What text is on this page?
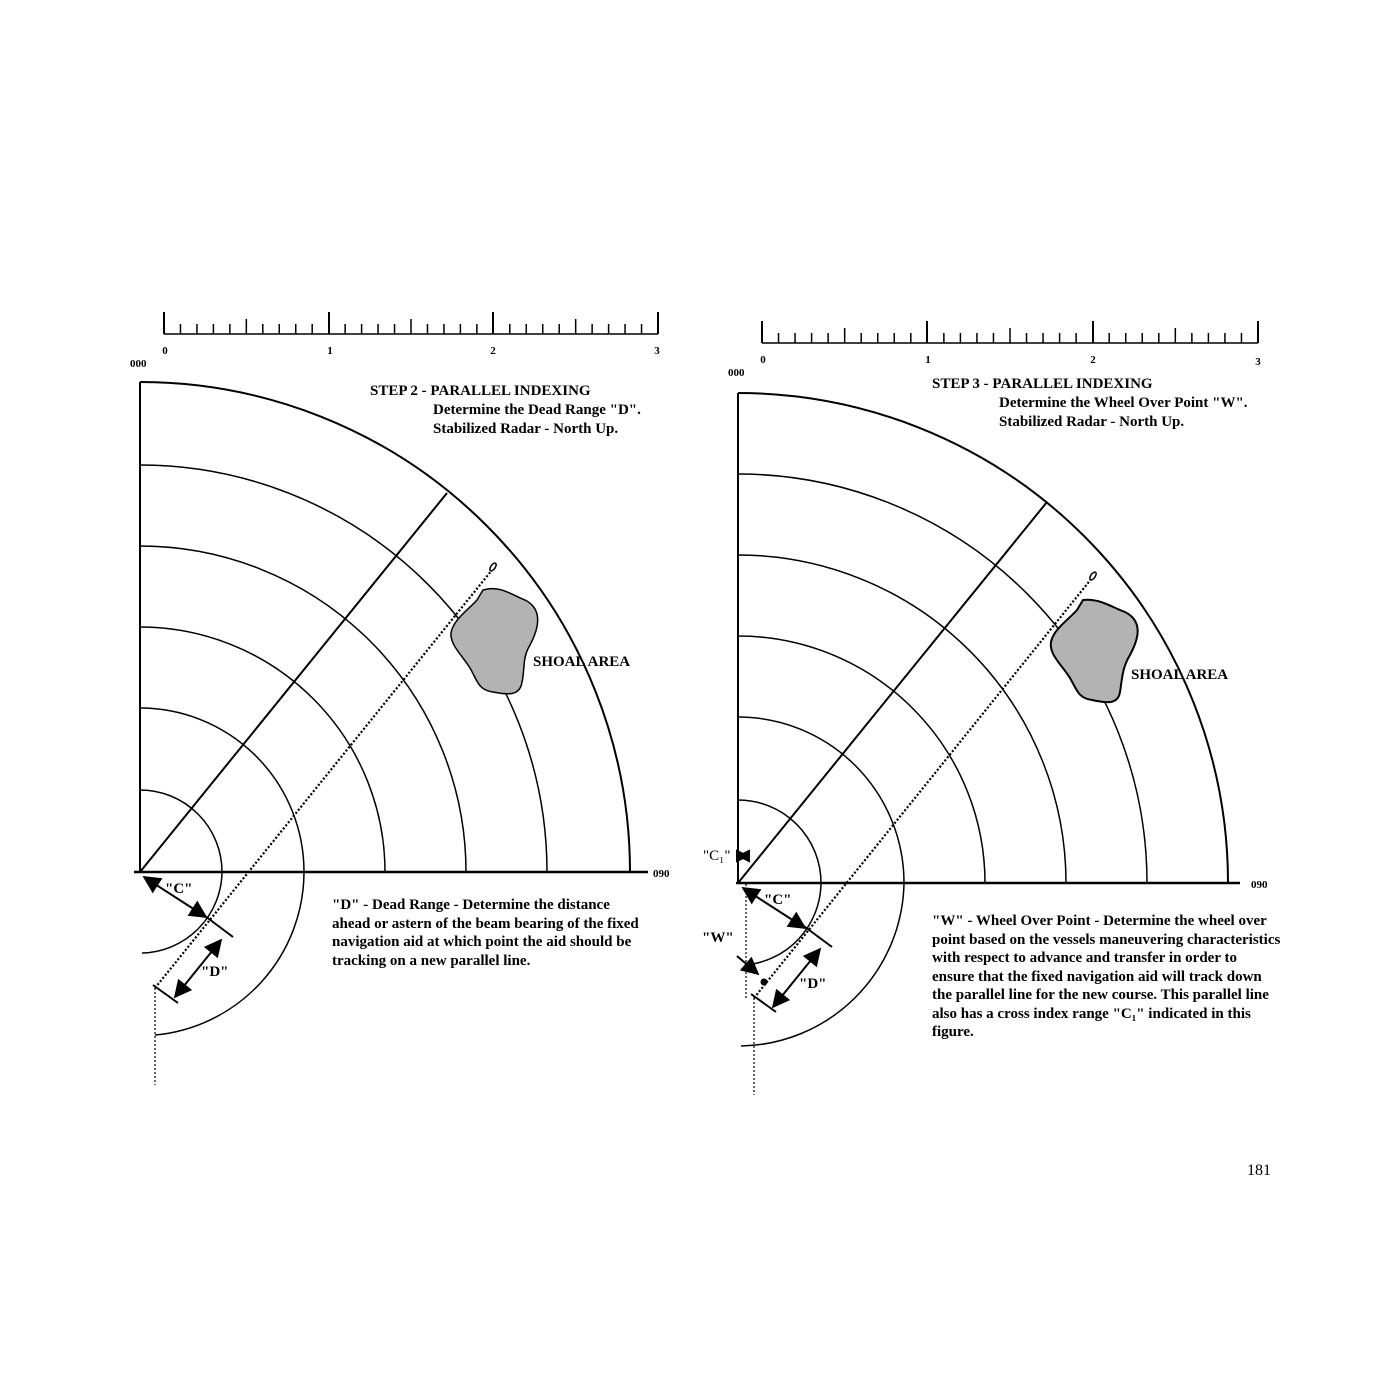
0	1	2	3
000
090
SHOAL AREA
STEP 2 - PARALLEL INDEXING
Determine the Dead Range "D".
Stabilized Radar - North Up.
"C"
"D"
0	1	2	3
000
090
SHOAL AREA
STEP 3 - PARALLEL INDEXING
Determine the Wheel Over Point "W".
Stabilized Radar - North Up.
"C₁"
"C"
"W"
"D"

"D" - Dead Range - Determine the distance ahead or astern of the beam bearing of the fixed navigation aid at which point the aid should be tracking on a new parallel line.

"W" - Wheel Over Point - Determine the wheel over point based on the vessels maneuvering characteristics with respect to advance and transfer in order to ensure that the fixed navigation aid will track down the parallel line for the new course. This parallel line also has a cross index range "C₁" indicated in this figure.

181
